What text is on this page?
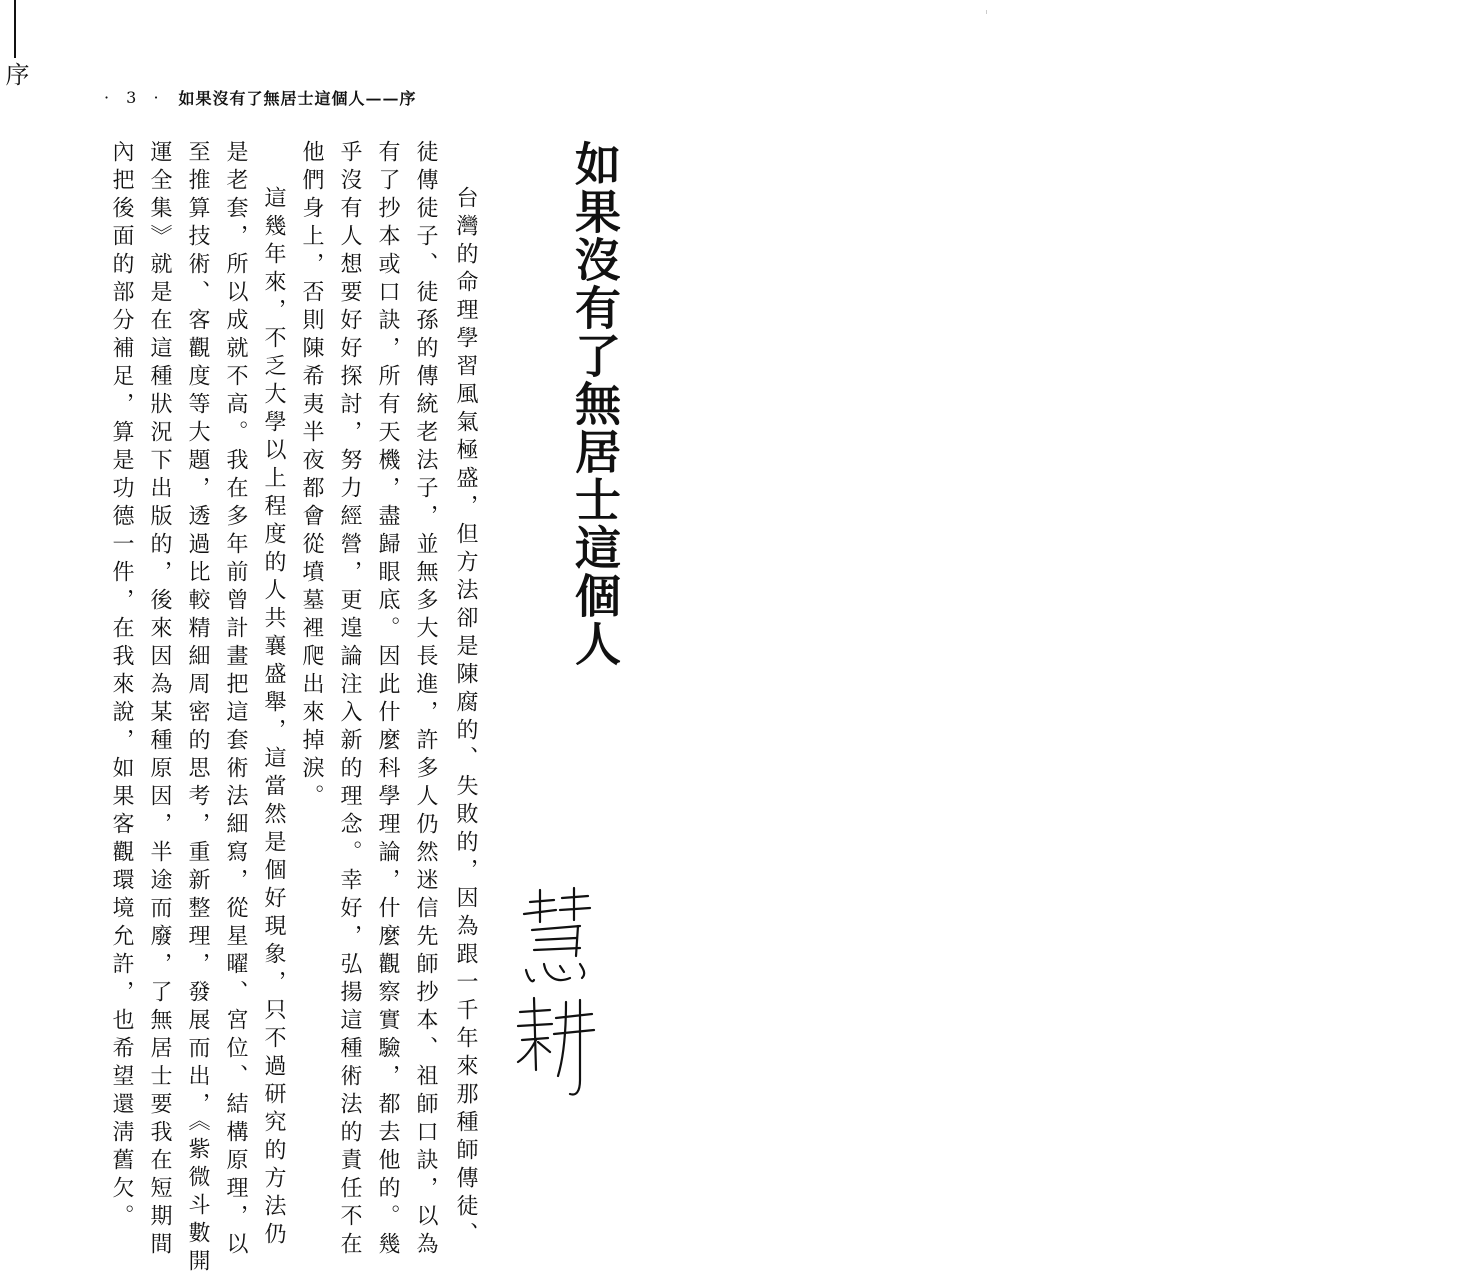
· 3 · 如果沒有了無居士這個人——序
如果沒有了無居士這個人
序
台灣的命理學習風氣極盛，但方法卻是陳腐的、失敗的，因為跟一千年來那種師傳徒、
徒傳徒子、徒孫的傳統老法子，並無多大長進，許多人仍然迷信先師抄本、祖師口訣，以為
有了抄本或口訣，所有天機，盡歸眼底。因此什麼科學理論，什麼觀察實驗，都去他的。幾
乎沒有人想要好好探討，努力經營，更遑論注入新的理念。幸好，弘揚這種術法的責任不在
他們身上，否則陳希夷半夜都會從墳墓裡爬出來掉淚。
這幾年來，不乏大學以上程度的人共襄盛舉，這當然是個好現象，只不過研究的方法仍
是老套，所以成就不高。我在多年前曾計畫把這套術法細寫，從星曜、宮位、結構原理，以
至推算技術、客觀度等大題，透過比較精細周密的思考，重新整理，發展而出，《紫微斗數開
運全集》就是在這種狀況下出版的，後來因為某種原因，半途而廢，了無居士要我在短期間
內把後面的部分補足，算是功德一件，在我來說，如果客觀環境允許，也希望還淸舊欠。
